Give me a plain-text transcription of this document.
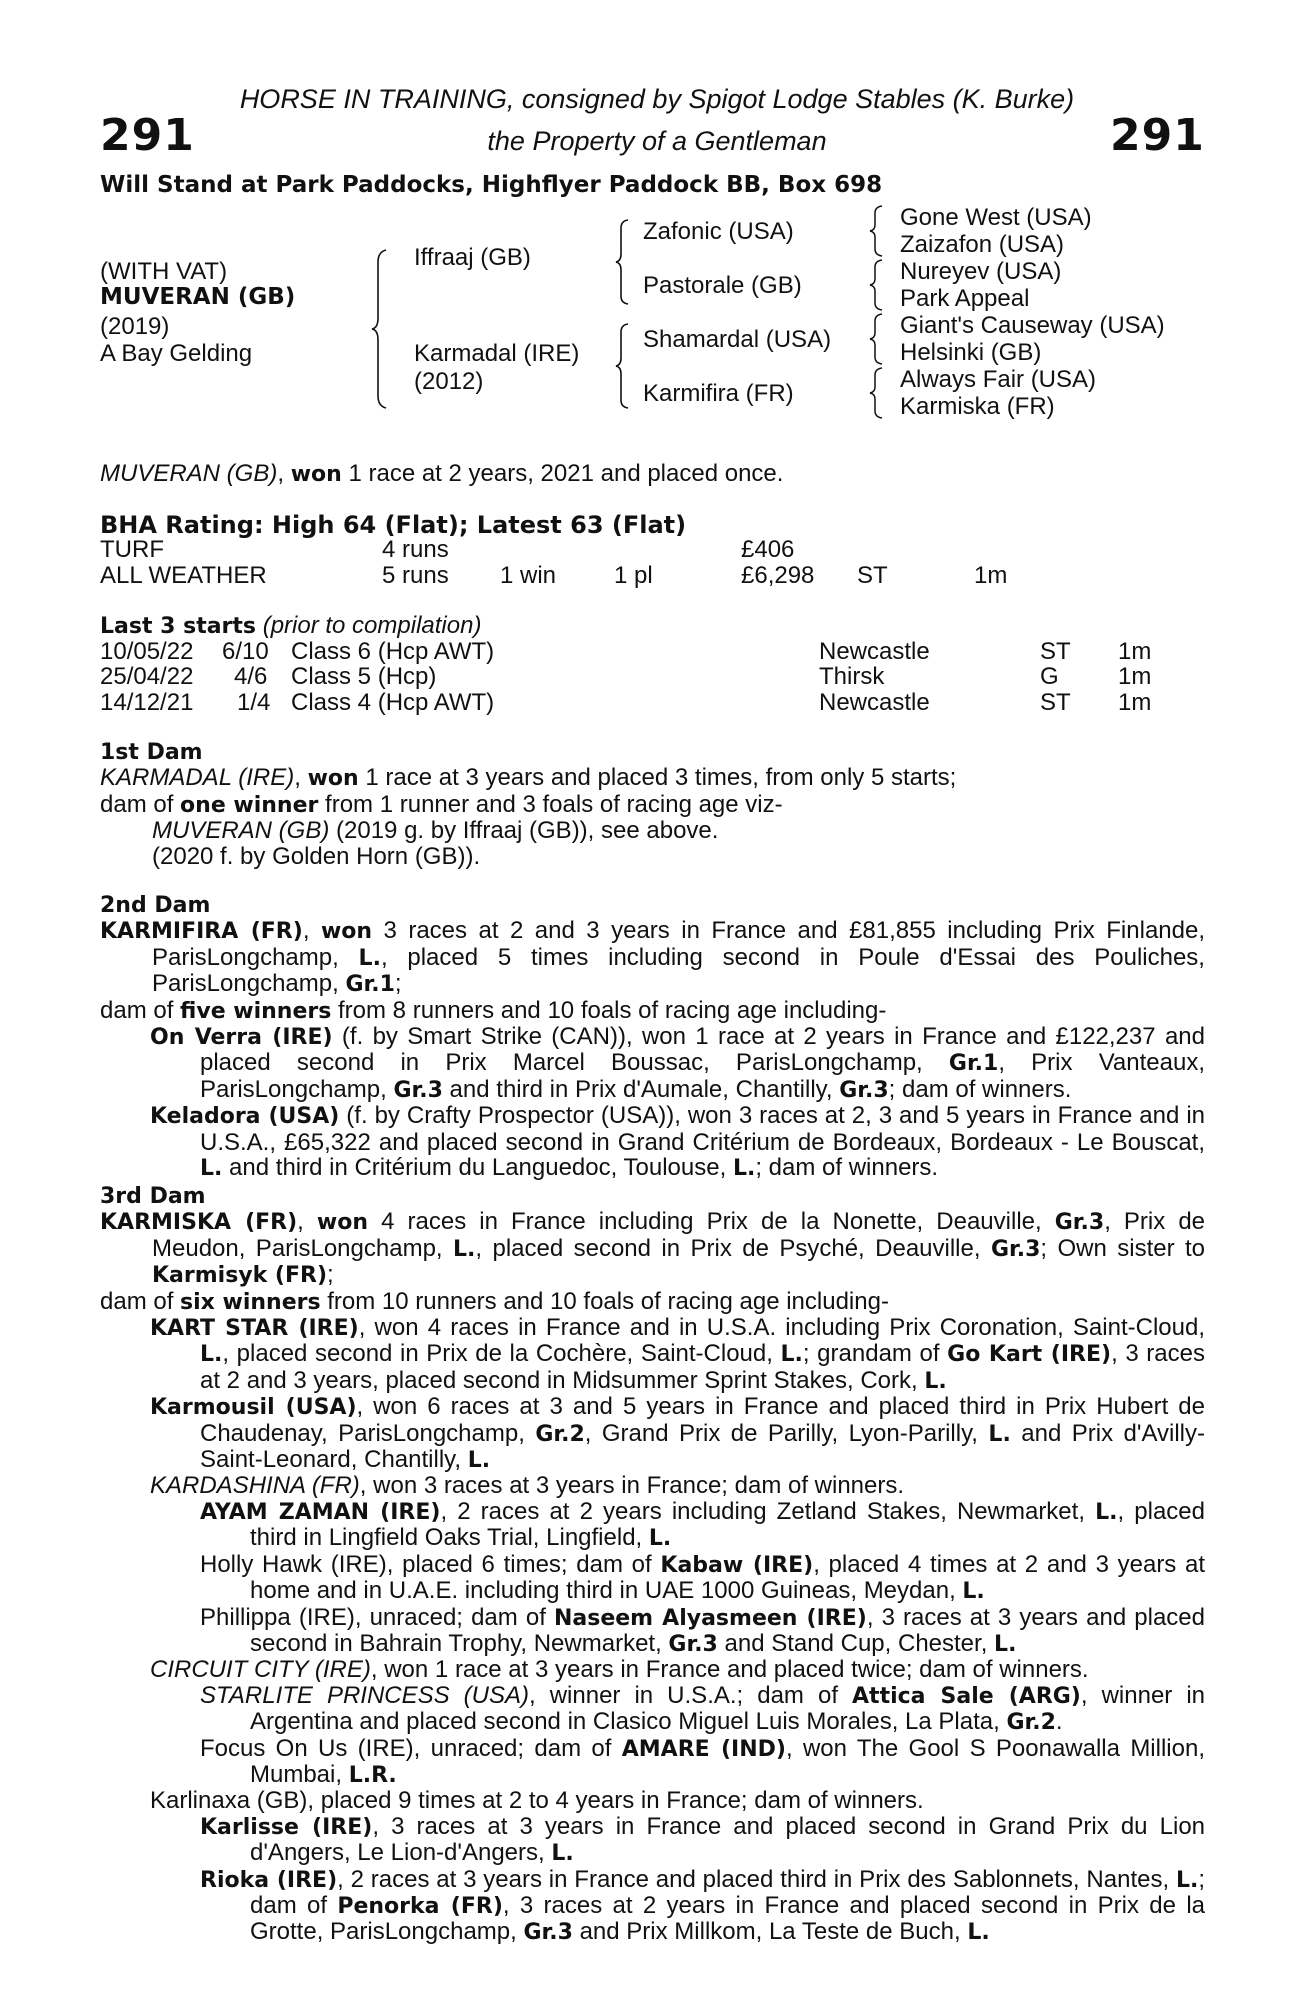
291	291
HORSE IN TRAINING, consigned by Spigot Lodge Stables (K. Burke)
the Property of a Gentleman
Will Stand at Park Paddocks, Highflyer Paddock BB, Box 698
(WITH VAT)
MUVERAN (GB)
(2019)
A Bay Gelding
Iffraaj (GB)
Karmadal (IRE)
(2012)
Zafonic (USA)
Pastorale (GB)
Shamardal (USA)
Karmifira (FR)
Gone West (USA)
Zaizafon (USA)
Nureyev (USA)
Park Appeal
Giant's Causeway (USA)
Helsinki (GB)
Always Fair (USA)
Karmiska (FR)
MUVERAN (GB), won 1 race at 2 years, 2021 and placed once.
BHA Rating: High 64 (Flat); Latest 63 (Flat)
TURF	4 runs	£406
ALL WEATHER	5 runs 1 win 1 pl	£6,298 ST	1m
Last 3 starts (prior to compilation)
10/05/22 6/10 Class 6 (Hcp AWT)	Newcastle	ST 1m
25/04/22 4/6 Class 5 (Hcp)	Thirsk	G 1m
14/12/21 1/4 Class 4 (Hcp AWT)	Newcastle	ST 1m
1st Dam
KARMADAL (IRE), won 1 race at 3 years and placed 3 times, from only 5 starts;
dam of one winner from 1 runner and 3 foals of racing age viz-
MUVERAN (GB) (2019 g. by Iffraaj (GB)), see above.
(2020 f. by Golden Horn (GB)).
2nd Dam
KARMIFIRA (FR), won 3 races at 2 and 3 years in France and £81,855 including Prix Finlande, ParisLongchamp, L., placed 5 times including second in Poule d'Essai des Pouliches, ParisLongchamp, Gr.1;
dam of five winners from 8 runners and 10 foals of racing age including-
On Verra (IRE) (f. by Smart Strike (CAN)), won 1 race at 2 years in France and £122,237 and placed second in Prix Marcel Boussac, ParisLongchamp, Gr.1, Prix Vanteaux, ParisLongchamp, Gr.3 and third in Prix d'Aumale, Chantilly, Gr.3; dam of winners.
Keladora (USA) (f. by Crafty Prospector (USA)), won 3 races at 2, 3 and 5 years in France and in U.S.A., £65,322 and placed second in Grand Critérium de Bordeaux, Bordeaux - Le Bouscat, L. and third in Critérium du Languedoc, Toulouse, L.; dam of winners.
3rd Dam
KARMISKA (FR), won 4 races in France including Prix de la Nonette, Deauville, Gr.3, Prix de Meudon, ParisLongchamp, L., placed second in Prix de Psyché, Deauville, Gr.3; Own sister to Karmisyk (FR);
dam of six winners from 10 runners and 10 foals of racing age including-
KART STAR (IRE), won 4 races in France and in U.S.A. including Prix Coronation, Saint-Cloud, L., placed second in Prix de la Cochère, Saint-Cloud, L.; grandam of Go Kart (IRE), 3 races at 2 and 3 years, placed second in Midsummer Sprint Stakes, Cork, L.
Karmousil (USA), won 6 races at 3 and 5 years in France and placed third in Prix Hubert de Chaudenay, ParisLongchamp, Gr.2, Grand Prix de Parilly, Lyon-Parilly, L. and Prix d'Avilly-Saint-Leonard, Chantilly, L.
KARDASHINA (FR), won 3 races at 3 years in France; dam of winners.
AYAM ZAMAN (IRE), 2 races at 2 years including Zetland Stakes, Newmarket, L., placed third in Lingfield Oaks Trial, Lingfield, L.
Holly Hawk (IRE), placed 6 times; dam of Kabaw (IRE), placed 4 times at 2 and 3 years at home and in U.A.E. including third in UAE 1000 Guineas, Meydan, L.
Phillippa (IRE), unraced; dam of Naseem Alyasmeen (IRE), 3 races at 3 years and placed second in Bahrain Trophy, Newmarket, Gr.3 and Stand Cup, Chester, L.
CIRCUIT CITY (IRE), won 1 race at 3 years in France and placed twice; dam of winners.
STARLITE PRINCESS (USA), winner in U.S.A.; dam of Attica Sale (ARG), winner in Argentina and placed second in Clasico Miguel Luis Morales, La Plata, Gr.2.
Focus On Us (IRE), unraced; dam of AMARE (IND), won The Gool S Poonawalla Million, Mumbai, L.R.
Karlinaxa (GB), placed 9 times at 2 to 4 years in France; dam of winners.
Karlisse (IRE), 3 races at 3 years in France and placed second in Grand Prix du Lion d'Angers, Le Lion-d'Angers, L.
Rioka (IRE), 2 races at 3 years in France and placed third in Prix des Sablonnets, Nantes, L.; dam of Penorka (FR), 3 races at 2 years in France and placed second in Prix de la Grotte, ParisLongchamp, Gr.3 and Prix Millkom, La Teste de Buch, L.
